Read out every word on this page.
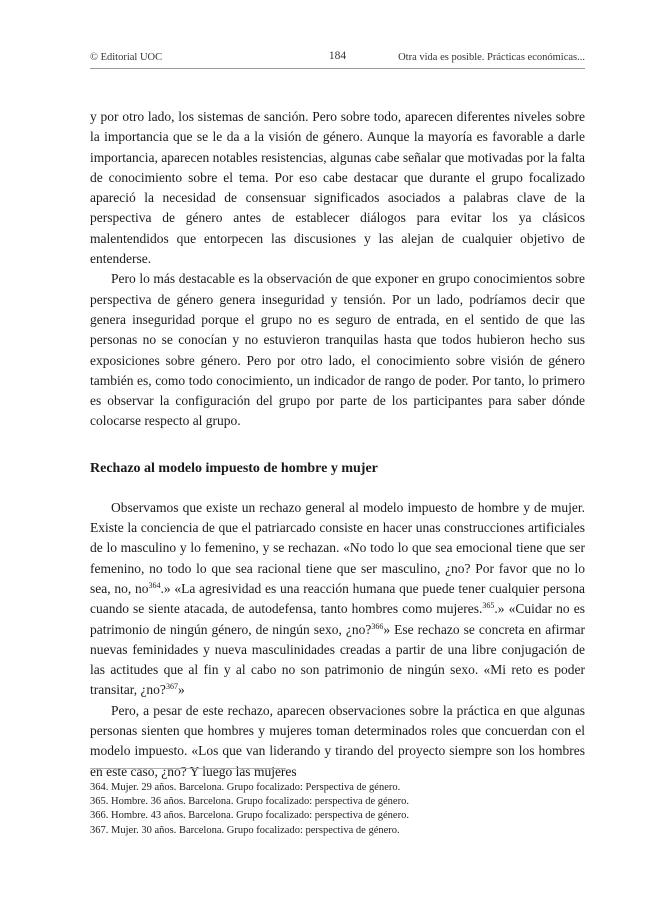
© Editorial UOC	184	Otra vida es posible. Prácticas económicas...

y por otro lado, los sistemas de sanción. Pero sobre todo, aparecen diferentes niveles sobre la importancia que se le da a la visión de género. Aunque la mayoría es favorable a darle importancia, aparecen notables resistencias, algunas cabe señalar que motivadas por la falta de conocimiento sobre el tema. Por eso cabe destacar que durante el grupo focalizado apareció la necesidad de consensuar significados asociados a palabras clave de la perspectiva de género antes de establecer diálogos para evitar los ya clásicos malentendidos que entorpecen las discusiones y las alejan de cualquier objetivo de entenderse.

Pero lo más destacable es la observación de que exponer en grupo conocimientos sobre perspectiva de género genera inseguridad y tensión. Por un lado, podríamos decir que genera inseguridad porque el grupo no es seguro de entrada, en el sentido de que las personas no se conocían y no estuvieron tranquilas hasta que todos hubieron hecho sus exposiciones sobre género. Pero por otro lado, el conocimiento sobre visión de género también es, como todo conocimiento, un indicador de rango de poder. Por tanto, lo primero es observar la configuración del grupo por parte de los participantes para saber dónde colocarse respecto al grupo.

Rechazo al modelo impuesto de hombre y mujer

Observamos que existe un rechazo general al modelo impuesto de hombre y de mujer. Existe la conciencia de que el patriarcado consiste en hacer unas construcciones artificiales de lo masculino y lo femenino, y se rechazan. «No todo lo que sea emocional tiene que ser femenino, no todo lo que sea racional tiene que ser masculino, ¿no? Por favor que no lo sea, no, $no^{364}$.» «La agresividad es una reacción humana que puede tener cualquier persona cuando se siente atacada, de autodefensa, tanto hombres como mujeres.$^{365}$.» «Cuidar no es patrimonio de ningún género, de ningún sexo, ¿no?$^{366}$» Ese rechazo se concreta en afirmar nuevas feminidades y nueva masculinidades creadas a partir de una libre conjugación de las actitudes que al fin y al cabo no son patrimonio de ningún sexo. «Mi reto es poder transitar, ¿no?$^{367}$»

Pero, a pesar de este rechazo, aparecen observaciones sobre la práctica en que algunas personas sienten que hombres y mujeres toman determinados roles que concuerdan con el modelo impuesto. «Los que van liderando y tirando del proyecto siempre son los hombres en este caso, ¿no? Y luego las mujeres

364. Mujer. 29 años. Barcelona. Grupo focalizado: Perspectiva de género.
365. Hombre. 36 años. Barcelona. Grupo focalizado: perspectiva de género.
366. Hombre. 43 años. Barcelona. Grupo focalizado: perspectiva de género.
367. Mujer. 30 años. Barcelona. Grupo focalizado: perspectiva de género.
